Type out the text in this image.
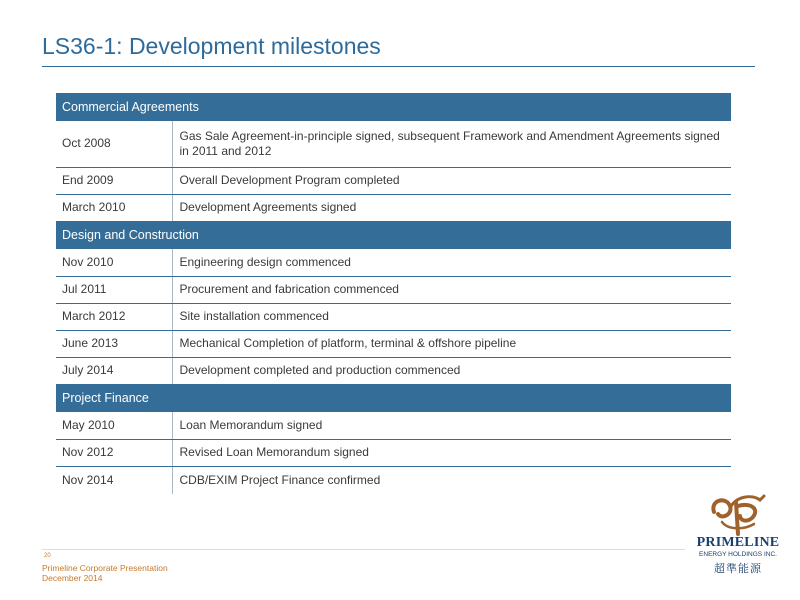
LS36-1: Development milestones
Commercial Agreements	
Oct 2008	Gas Sale Agreement-in-principle signed, subsequent Framework and Amendment Agreements signed in 2011 and 2012
End 2009	Overall Development Program completed
March 2010	Development Agreements signed
Design and Construction	
Nov 2010	Engineering design commenced
Jul 2011	Procurement and fabrication commenced
March 2012	Site installation commenced
June 2013	Mechanical Completion of platform, terminal & offshore pipeline
July 2014	Development completed and production commenced
Project Finance	
May 2010	Loan Memorandum signed
Nov 2012	Revised Loan Memorandum signed
Nov 2014	CDB/EXIM Project Finance confirmed
20
Primeline Corporate Presentation
December 2014
PRIMELINE
ENERGY HOLDINGS INC.
超準能源
